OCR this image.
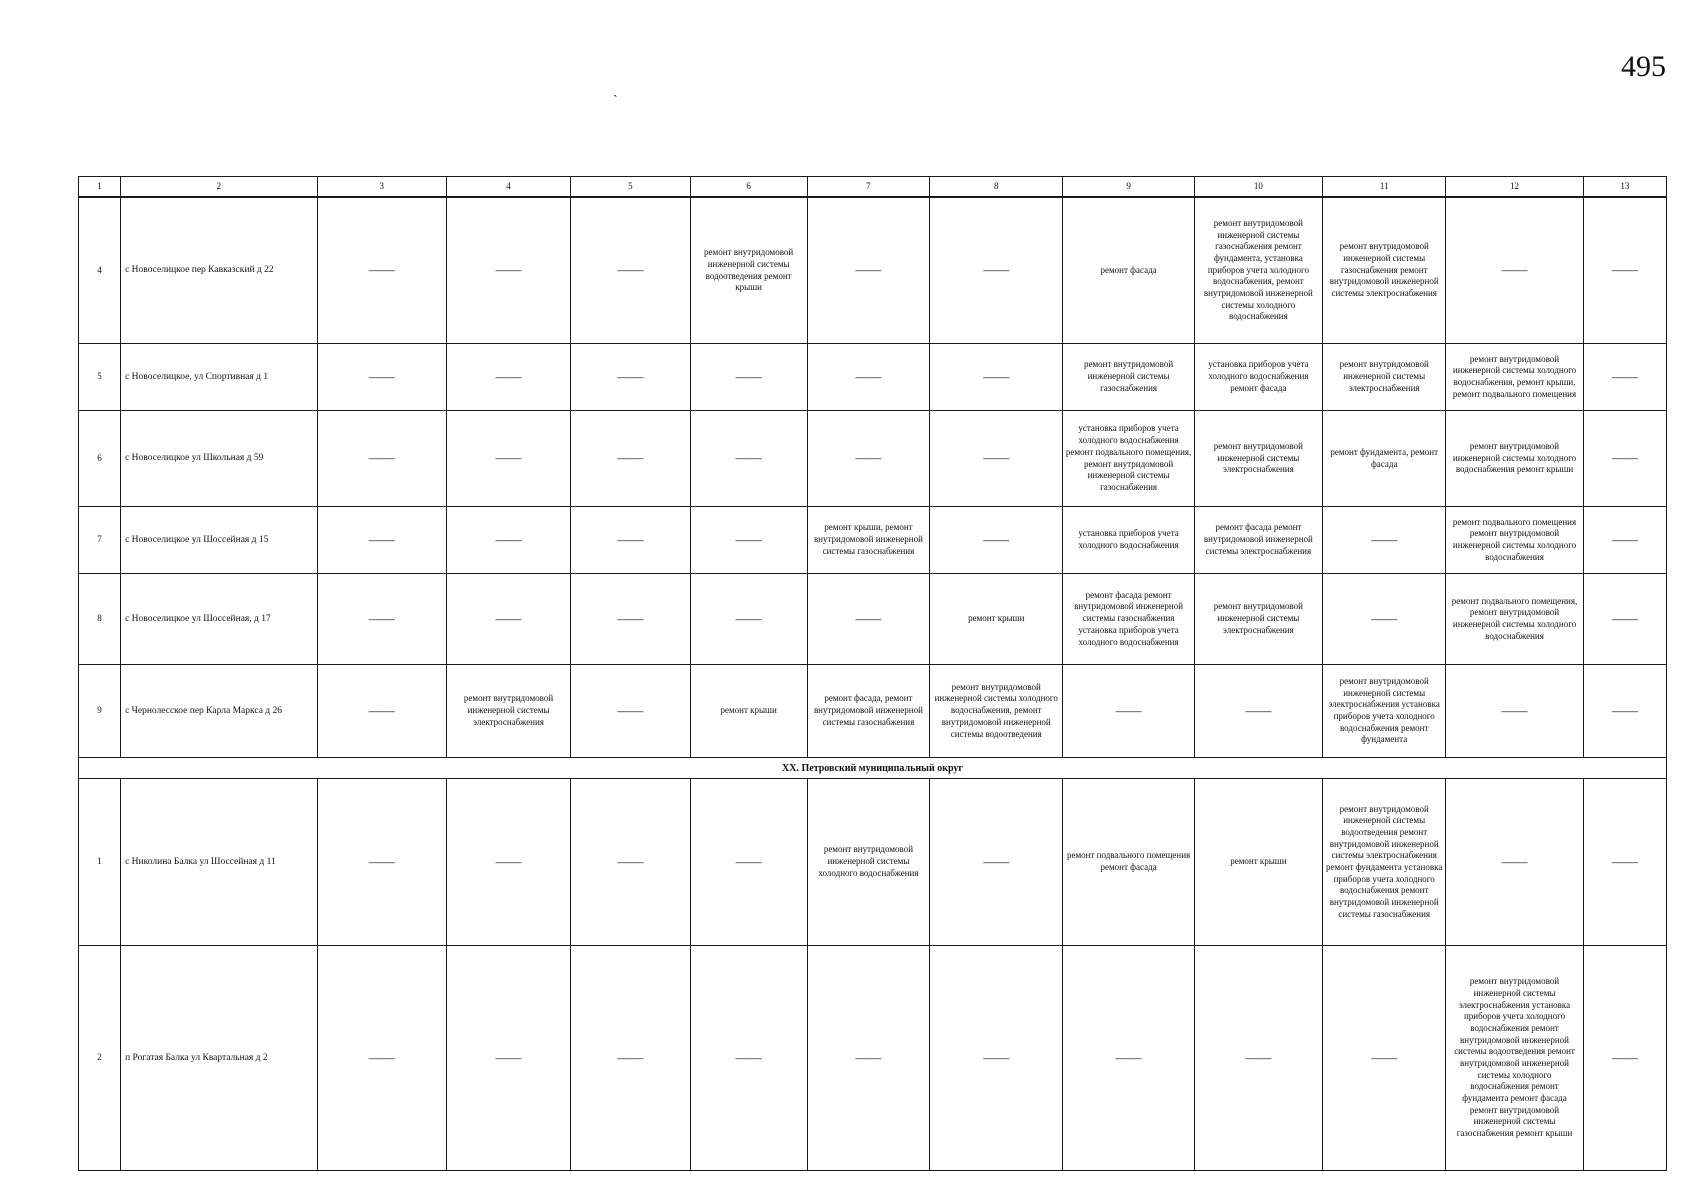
495
ˏ
1	2	3	4	5	6	7	8	9	10	11	12	13
4	с Новоселицкое пер Кавказский д 22	——	——	——	ремонт внутридомовой инженерной системы водоотведения ремонт крыши	——	——	ремонт фасада	ремонт внутридомовой инженерной системы газоснабжения ремонт фундамента, установка приборов учета холодного водоснабжения, ремонт внутридомовой инженерной системы холодного водоснабжения	ремонт внутридомовой инженерной системы газоснабжения ремонт внутридомовой инженерной системы электроснабжения	——	——
5	с Новоселицкое, ул Спортивная д 1	——	——	——	——	——	——	ремонт внутридомовой инженерной системы газоснабжения	установка приборов учета холодного водоснабжения ремонт фасада	ремонт внутридомовой инженерной системы электроснабжения	ремонт внутридомовой инженерной системы холодного водоснабжения, ремонт крыши, ремонт подвального помещения	——
6	с Новоселицкое ул Школьная д 59	——	——	——	——	——	——	установка приборов учета холодного водоснабжения ремонт подвального помещения, ремонт внутридомовой инженерной системы газоснабжения	ремонт внутридомовой инженерной системы электроснабжения	ремонт фундамента, ремонт фасада	ремонт внутридомовой инженерной системы холодного водоснабжения ремонт крыши	——
7	с Новоселицкое ул Шоссейная д 15	——	——	——	——	ремонт крыши, ремонт внутридомовой инженерной системы газоснабжения	——	установка приборов учета холодного водоснабжения	ремонт фасада ремонт внутридомовой инженерной системы электроснабжения	——	ремонт подвального помещения ремонт внутридомовой инженерной системы холодного водоснабжения	——
8	с Новоселицкое ул Шоссейная, д 17	——	——	——	——	——	ремонт крыши	ремонт фасада ремонт внутридомовой инженерной системы газоснабжения установка приборов учета холодного водоснабжения	ремонт внутридомовой инженерной системы электроснабжения	——	ремонт подвального помещения, ремонт внутридомовой инженерной системы холодного водоснабжения	——
9	с Чернолесское пер Карла Маркса д 26	——	ремонт внутридомовой инженерной системы электроснабжения	——	ремонт крыши	ремонт фасада, ремонт внутридомовой инженерной системы газоснабжения	ремонт внутридомовой инженерной системы холодного водоснабжения, ремонт внутридомовой инженерной системы водоотведения	——	——	ремонт внутридомовой инженерной системы электроснабжения установка приборов учета холодного водоснабжения ремонт фундамента	——	——
XX. Петровский муниципальный округ												
1	с Николина Балка ул Шоссейная д 11	——	——	——	——	ремонт внутридомовой инженерной системы холодного водоснабжения	——	ремонт подвального помещения ремонт фасада	ремонт крыши	ремонт внутридомовой инженерной системы водоотведения ремонт внутридомовой инженерной системы электроснабжения ремонт фундамента установка приборов учета холодного водоснабжения ремонт внутридомовой инженерной системы газоснабжения	——	——
2	п Рогатая Балка ул Квартальная д 2	——	——	——	——	——	——	——	——	——	ремонт внутридомовой инженерной системы электроснабжения установка приборов учета холодного водоснабжения ремонт внутридомовой инженерной системы водоотведения ремонт внутридомовой инженерной системы холодного водоснабжения ремонт фундамента ремонт фасада ремонт внутридомовой инженерной системы газоснабжения ремонт крыши	——
